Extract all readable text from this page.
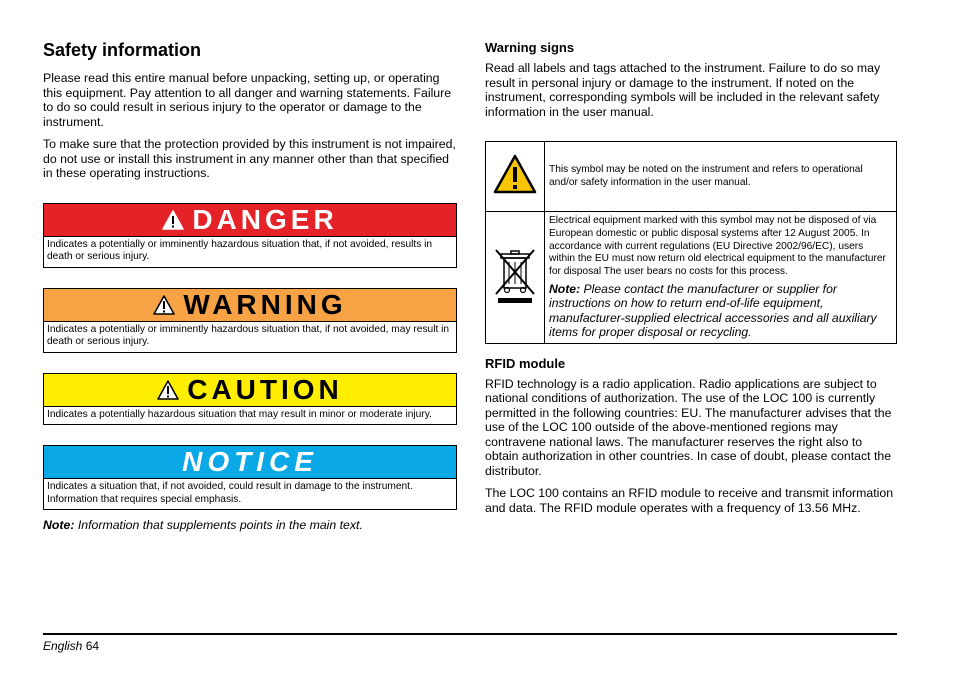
Safety information

Please read this entire manual before unpacking, setting up, or operating this equipment. Pay attention to all danger and warning statements. Failure to do so could result in serious injury to the operator or damage to the instrument.

To make sure that the protection provided by this instrument is not impaired, do not use or install this instrument in any manner other than that specified in these operating instructions.

DANGER
Indicates a potentially or imminently hazardous situation that, if not avoided, results in death or serious injury.
WARNING
Indicates a potentially or imminently hazardous situation that, if not avoided, may result in death or serious injury.
CAUTION
Indicates a potentially hazardous situation that may result in minor or moderate injury.
NOTICE
Indicates a situation that, if not avoided, could result in damage to the instrument. Information that requires special emphasis.
Note: Information that supplements points in the main text.
Warning signs

Read all labels and tags attached to the instrument. Failure to do so may result in personal injury or damage to the instrument. If noted on the instrument, corresponding symbols will be included in the relevant safety information in the user manual.

	This symbol may be noted on the instrument and refers to operational and/or safety information in the user manual.
	Electrical equipment marked with this symbol may not be disposed of via European domestic or public disposal systems after 12 August 2005. In accordance with current regulations (EU Directive 2002/96/EC), users within the EU must now return old electrical equipment to the manufacturer for disposal The user bears no costs for this process.
Note: Please contact the manufacturer or supplier for instructions on how to return end-of-life equipment, manufacturer-supplied electrical accessories and all auxiliary items for proper disposal or recycling.
RFID module

RFID technology is a radio application. Radio applications are subject to national conditions of authorization. The use of the LOC 100 is currently permitted in the following countries: EU. The manufacturer advises that the use of the LOC 100 outside of the above-mentioned regions may contravene national laws. The manufacturer reserves the right also to obtain authorization in other countries. In case of doubt, please contact the distributor.

The LOC 100 contains an RFID module to receive and transmit information and data. The RFID module operates with a frequency of 13.56 MHz.

English 64
